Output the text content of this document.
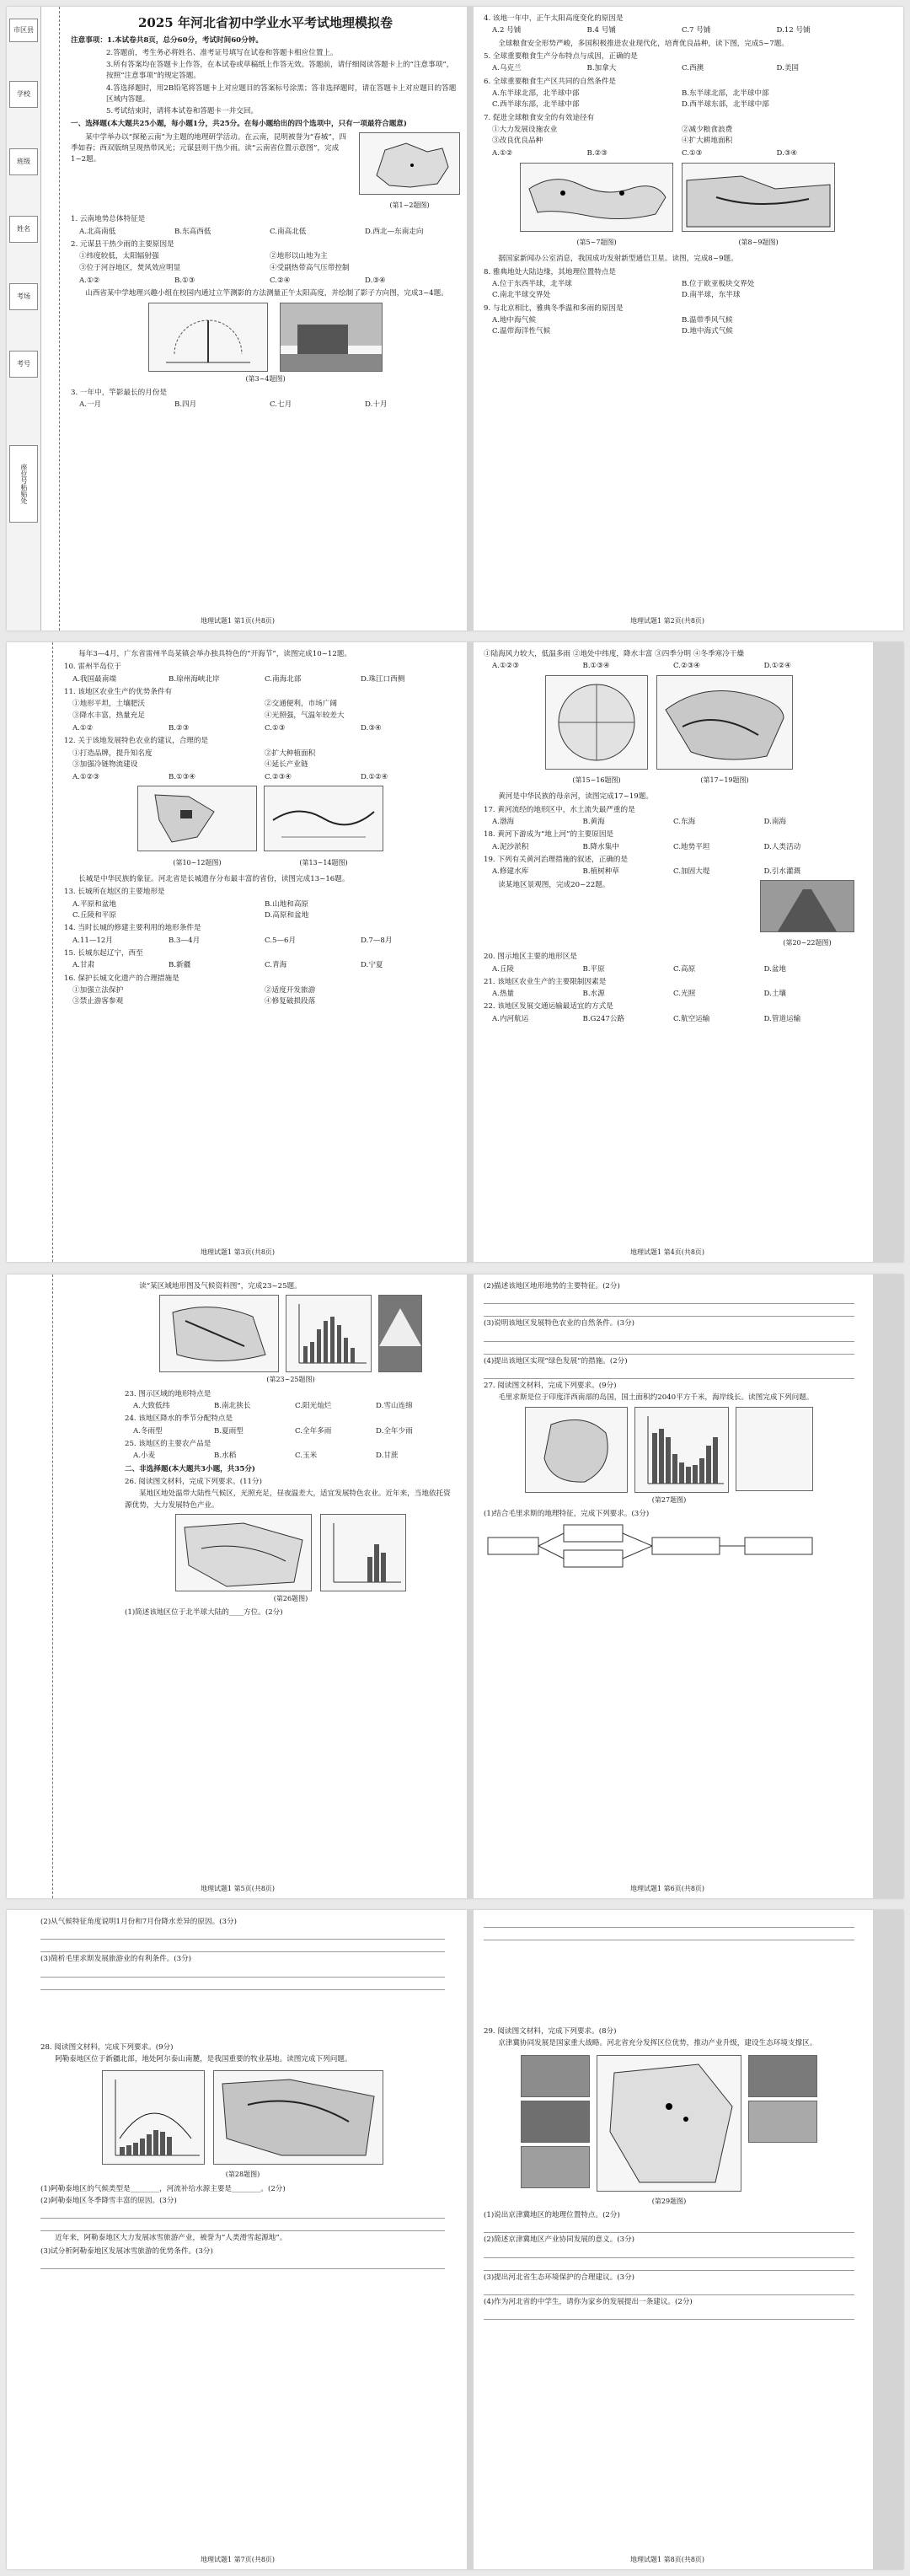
市区县
学校
班级
姓名
考场
考号
座位号粘贴处
2025 年河北省初中学业水平考试地理模拟卷
注意事项：1.本试卷共8页，总分60分，考试时间60分钟。
2.答题前，考生务必将姓名、准考证号填写在试卷和答题卡相应位置上。
3.所有答案均在答题卡上作答，在本试卷或草稿纸上作答无效。答题前，请仔细阅读答题卡上的“注意事项”，按照“注意事项”的规定答题。
4.答选择题时，用2B铅笔将答题卡上对应题目的答案标号涂黑；答非选择题时，请在答题卡上对应题目的答题区域内答题。
5.考试结束时，请将本试卷和答题卡一并交回。
一、选择题(本大题共25小题，每小题1分，共25分。在每小题给出的四个选项中，只有一项最符合题意)
某中学举办以“探秘云南”为主题的地理研学活动。在云南，昆明被誉为“春城”，四季如春；西双版纳呈现热带风光；元谋县则干热少雨。读“云南省位置示意图”，完成1~2题。
(第1~2题图)
1. 云南地势总体特征是
A.北高南低	B.东高西低	C.南高北低	D.西北—东南走向
2. 元谋县干热少雨的主要原因是
①纬度较低，太阳辐射强	②地形以山地为主
③位于河谷地区，焚风效应明显	④受副热带高气压带控制
A.①②	B.①③	C.②④	D.③④
山西省某中学地理兴趣小组在校园内通过立竿测影的方法测量正午太阳高度，并绘制了影子方向图，完成3~4题。
(第3~4题图)
3. 一年中，竿影最长的月份是
A.一月	B.四月	C.七月	D.十月
4. 该地一年中，正午太阳高度变化的原因是
A.2 号铺	B.4 号铺	C.7 号铺	D.12 号铺
全球粮食安全形势严峻，多国积极推进农业现代化，培育优良品种，读下图，完成5~7题。
5. 全球重要粮食生产分布特点与成因，正确的是
A.乌克兰	B.加拿大	C.西澳	D.美国
6. 全球重要粮食生产区共同的自然条件是
A.东半球北部，北半球中部	B.东半球北部，北半球中部
C.西半球东部，北半球中部	D.西半球东部，北半球中部
7. 促进全球粮食安全的有效途径有
①大力发展设施农业	②减少粮食浪费
③改良优良品种	④扩大耕地面积
A.①②	B.②③	C.①③	D.③④
(第5~7题图)	(第8~9题图)
据国家新闻办公室消息，我国成功发射新型通信卫星。读图，完成8~9题。
8. 雅典地处大陆边缘，其地理位置特点是
A.位于东西半球，北半球	B.位于欧亚板块交界处
C.南北半球交界处	D.南半球，东半球
9. 与北京相比，雅典冬季温和多雨的原因是
A.地中海气候	B.温带季风气候
C.温带海洋性气候	D.地中海式气候
地理试题1 第1页(共8页)	地理试题1 第2页(共8页)
每年3—4月，广东省雷州半岛某镇会举办独具特色的“开海节”，读图完成10~12题。
10. 雷州半岛位于
A.我国最南端	B.琼州海峡北岸	C.南海北部	D.珠江口西侧
11. 该地区农业生产的优势条件有
①地形平坦，土壤肥沃	②交通便利，市场广阔
③降水丰富，热量充足	④光照强，气温年较差大
A.①②	B.②③	C.①③	D.③④
12. 关于该地发展特色农业的建议，合理的是
①打造品牌，提升知名度	②扩大种植面积
③加强冷链物流建设	④延长产业链
A.①②③	B.①③④	C.②③④	D.①②④
(第10~12题图)	(第13~14题图)
长城是中华民族的象征。河北省是长城遗存分布最丰富的省份，读图完成13~16题。
13. 长城所在地区的主要地形是
A.平原和盆地	B.山地和高原
C.丘陵和平原	D.高原和盆地
14. 当时长城的修建主要利用的地形条件是
A.11—12月	B.3—4月	C.5—6月	D.7—8月
15. 长城东起辽宁，西至
A.甘肃	B.新疆	C.青海	D.宁夏
16. 保护长城文化遗产的合理措施是
①加强立法保护	②适度开发旅游
③禁止游客参观	④修复破损段落
①陆海风力较大，低温多雨 ②地处中纬度，降水丰富 ③四季分明 ④冬季寒冷干燥
A.①②③	B.①③④	C.②③④	D.①②④
(第15~16题图)	(第17~19题图)
黄河是中华民族的母亲河，读图完成17~19题。
17. 黄河流经的地形区中，水土流失最严重的是
A.渤海	B.黄海	C.东海	D.南海
18. 黄河下游成为“地上河”的主要原因是
A.泥沙淤积	B.降水集中	C.地势平坦	D.人类活动
19. 下列有关黄河治理措施的叙述，正确的是
A.修建水库	B.植树种草	C.加固大堤	D.引水灌溉
读某地区景观图，完成20~22题。
(第20~22题图)
20. 图示地区主要的地形区是
A.丘陵	B.平原	C.高原	D.盆地
21. 该地区农业生产的主要限制因素是
A.热量	B.水源	C.光照	D.土壤
22. 该地区发展交通运输最适宜的方式是
A.内河航运	B.G247公路	C.航空运输	D.管道运输
地理试题1 第3页(共8页)	地理试题1 第4页(共8页)
读“某区域地形图及气候资料图”，完成23~25题。
(第23~25题图)
23. 图示区域的地形特点是
A.大致低纬	B.南北狭长	C.阳光灿烂	D.雪山连绵
24. 该地区降水的季节分配特点是
A.冬雨型	B.夏雨型	C.全年多雨	D.全年少雨
25. 该地区的主要农产品是
A.小麦	B.水稻	C.玉米	D.甘蔗
二、非选择题(本大题共3小题，共35分)
26. 阅读图文材料，完成下列要求。(11分)
某地区地处温带大陆性气候区，光照充足，昼夜温差大，适宜发展特色农业。近年来，当地依托资源优势，大力发展特色产业。
(第26题图)
(1)简述该地区位于北半球大陆的____方位。(2分)
(2)描述该地区地形地势的主要特征。(2分)
(3)说明该地区发展特色农业的自然条件。(3分)
(4)提出该地区实现“绿色发展”的措施。(2分)
27. 阅读图文材料，完成下列要求。(9分)
毛里求斯是位于印度洋西南部的岛国，国土面积约2040平方千米，海岸线长。读图完成下列问题。
(第27题图)
(1)结合毛里求斯的地理特征，完成下列要求。(3分)
地理试题1 第5页(共8页)	地理试题1 第6页(共8页)
(2)从气候特征角度说明1月份和7月份降水差异的原因。(3分)
(3)简析毛里求斯发展旅游业的有利条件。(3分)
28. 阅读图文材料，完成下列要求。(9分)
阿勒泰地区位于新疆北部，地处阿尔泰山南麓，是我国重要的牧业基地。读图完成下列问题。
(第28题图)
(1)阿勒泰地区的气候类型是________，河流补给水源主要是________。(2分)
(2)阿勒泰地区冬季降雪丰富的原因。(3分)
近年来，阿勒泰地区大力发展冰雪旅游产业，被誉为“人类滑雪起源地”。
(3)试分析阿勒泰地区发展冰雪旅游的优势条件。(3分)
29. 阅读图文材料，完成下列要求。(8分)
京津冀协同发展是国家重大战略。河北省充分发挥区位优势，推动产业升级，建设生态环境支撑区。
(第29题图)
(1)说出京津冀地区的地理位置特点。(2分)
(2)简述京津冀地区产业协同发展的意义。(3分)
(3)提出河北省生态环境保护的合理建议。(3分)
(4)作为河北省的中学生，请你为家乡的发展提出一条建议。(2分)
地理试题1 第7页(共8页)	地理试题1 第8页(共8页)
